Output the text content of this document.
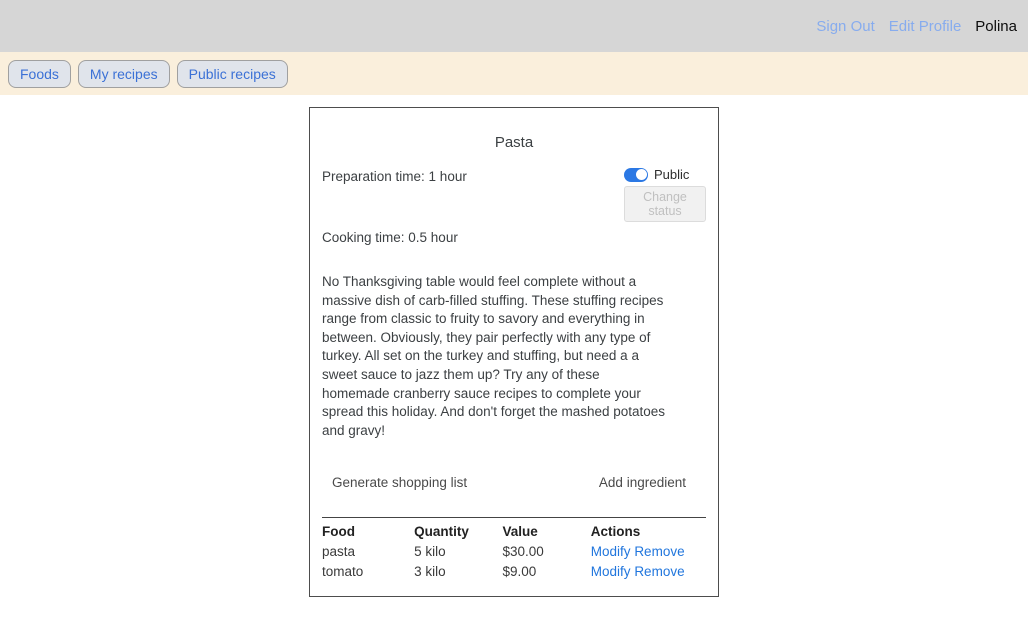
Sign Out Edit Profile Polina
Foods	My recipes	Public recipes
Pasta
Preparation time: 1 hour	Public
Change status
Cooking time: 0.5 hour

No Thanksgiving table would feel complete without a massive dish of carb-filled stuffing. These stuffing recipes range from classic to fruity to savory and everything in between. Obviously, they pair perfectly with any type of turkey. All set on the turkey and stuffing, but need a a sweet sauce to jazz them up? Try any of these homemade cranberry sauce recipes to complete your spread this holiday. And don't forget the mashed potatoes and gravy!

Generate shopping list	Add ingredient
Food	Quantity	Value	Actions
pasta	5 kilo	$30.00	Modify Remove
tomato	3 kilo	$9.00	Modify Remove
